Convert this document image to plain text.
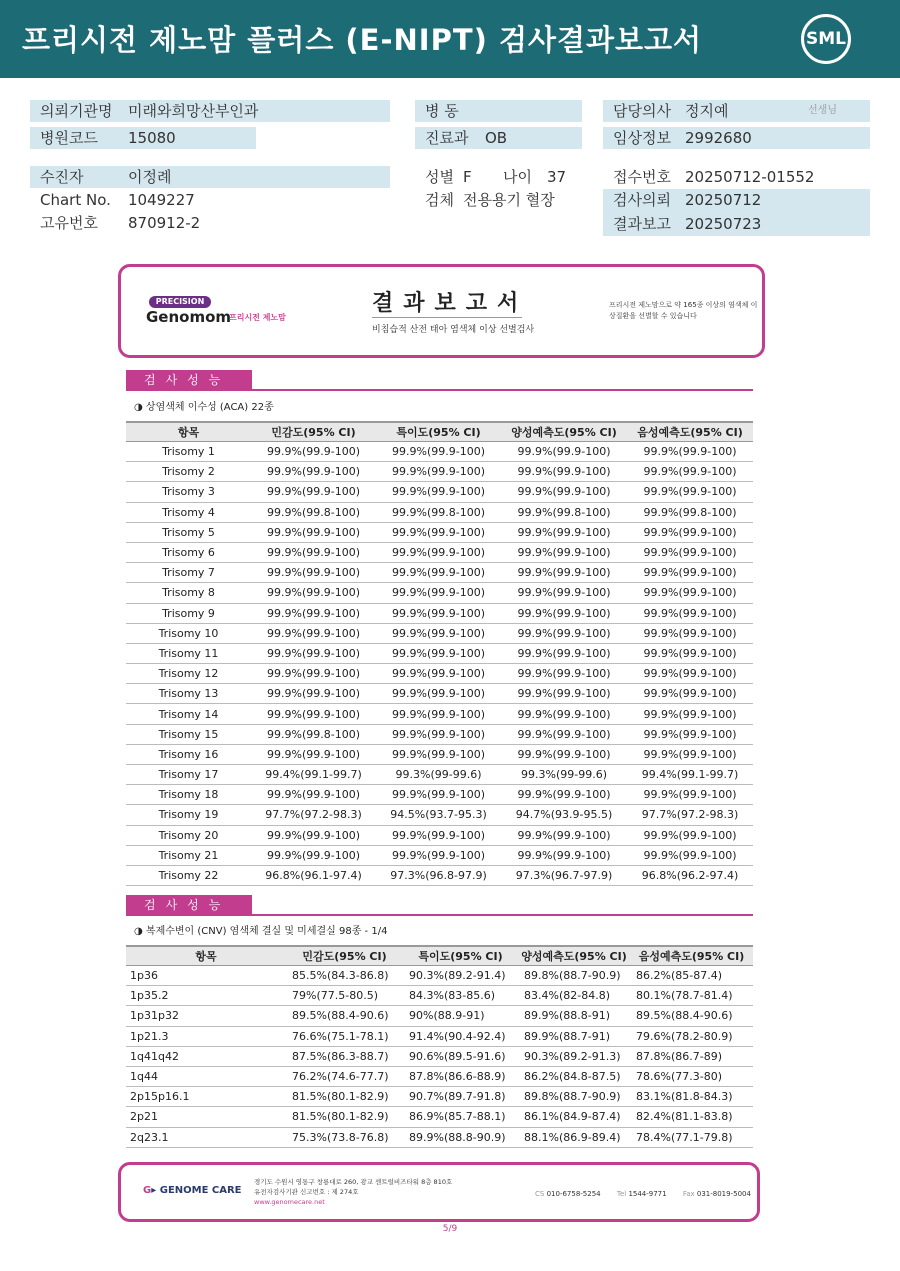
프리시전 제노맘 플러스 (E-NIPT) 검사결과보고서	SML
의뢰기관명 미래와희망산부인과
병원코드 15080
수진자	이정례
Chart No. 1049227
고유번호 870912-2
병 동
진료과 OB
성별 F 나이 37
검체 전용용기 혈장
담당의사 정지예	선생님
임상정보 2992680
접수번호 20250712-01552
검사의뢰 20250712
결과보고 20250723
PRECISION
Genomom
프리시전 제노맘
결과보고서
비침습적 산전 태아 염색체 이상 선별검사
프리시전 제노맘으로 약 165종 이상의 염색체 이상질환을 선별할 수 있습니다
검사성능
◑ 상염색체 이수성 (ACA) 22종
항목	민감도(95% CI)	특이도(95% CI)	양성예측도(95% CI)	음성예측도(95% CI)
Trisomy 1	99.9%(99.9-100)	99.9%(99.9-100)	99.9%(99.9-100)	99.9%(99.9-100)
Trisomy 2	99.9%(99.9-100)	99.9%(99.9-100)	99.9%(99.9-100)	99.9%(99.9-100)
Trisomy 3	99.9%(99.9-100)	99.9%(99.9-100)	99.9%(99.9-100)	99.9%(99.9-100)
Trisomy 4	99.9%(99.8-100)	99.9%(99.8-100)	99.9%(99.8-100)	99.9%(99.8-100)
Trisomy 5	99.9%(99.9-100)	99.9%(99.9-100)	99.9%(99.9-100)	99.9%(99.9-100)
Trisomy 6	99.9%(99.9-100)	99.9%(99.9-100)	99.9%(99.9-100)	99.9%(99.9-100)
Trisomy 7	99.9%(99.9-100)	99.9%(99.9-100)	99.9%(99.9-100)	99.9%(99.9-100)
Trisomy 8	99.9%(99.9-100)	99.9%(99.9-100)	99.9%(99.9-100)	99.9%(99.9-100)
Trisomy 9	99.9%(99.9-100)	99.9%(99.9-100)	99.9%(99.9-100)	99.9%(99.9-100)
Trisomy 10	99.9%(99.9-100)	99.9%(99.9-100)	99.9%(99.9-100)	99.9%(99.9-100)
Trisomy 11	99.9%(99.9-100)	99.9%(99.9-100)	99.9%(99.9-100)	99.9%(99.9-100)
Trisomy 12	99.9%(99.9-100)	99.9%(99.9-100)	99.9%(99.9-100)	99.9%(99.9-100)
Trisomy 13	99.9%(99.9-100)	99.9%(99.9-100)	99.9%(99.9-100)	99.9%(99.9-100)
Trisomy 14	99.9%(99.9-100)	99.9%(99.9-100)	99.9%(99.9-100)	99.9%(99.9-100)
Trisomy 15	99.9%(99.8-100)	99.9%(99.9-100)	99.9%(99.9-100)	99.9%(99.9-100)
Trisomy 16	99.9%(99.9-100)	99.9%(99.9-100)	99.9%(99.9-100)	99.9%(99.9-100)
Trisomy 17	99.4%(99.1-99.7)	99.3%(99-99.6)	99.3%(99-99.6)	99.4%(99.1-99.7)
Trisomy 18	99.9%(99.9-100)	99.9%(99.9-100)	99.9%(99.9-100)	99.9%(99.9-100)
Trisomy 19	97.7%(97.2-98.3)	94.5%(93.7-95.3)	94.7%(93.9-95.5)	97.7%(97.2-98.3)
Trisomy 20	99.9%(99.9-100)	99.9%(99.9-100)	99.9%(99.9-100)	99.9%(99.9-100)
Trisomy 21	99.9%(99.9-100)	99.9%(99.9-100)	99.9%(99.9-100)	99.9%(99.9-100)
Trisomy 22	96.8%(96.1-97.4)	97.3%(96.8-97.9)	97.3%(96.7-97.9)	96.8%(96.2-97.4)
검사성능
◑ 복제수변이 (CNV) 염색체 결실 및 미세결실 98종 - 1/4
항목	민감도(95% CI)	특이도(95% CI)	양성예측도(95% CI)	음성예측도(95% CI)
1p36	85.5%(84.3-86.8)	90.3%(89.2-91.4)	89.8%(88.7-90.9)	86.2%(85-87.4)
1p35.2	79%(77.5-80.5)	84.3%(83-85.6)	83.4%(82-84.8)	80.1%(78.7-81.4)
1p31p32	89.5%(88.4-90.6)	90%(88.9-91)	89.9%(88.8-91)	89.5%(88.4-90.6)
1p21.3	76.6%(75.1-78.1)	91.4%(90.4-92.4)	89.9%(88.7-91)	79.6%(78.2-80.9)
1q41q42	87.5%(86.3-88.7)	90.6%(89.5-91.6)	90.3%(89.2-91.3)	87.8%(86.7-89)
1q44	76.2%(74.6-77.7)	87.8%(86.6-88.9)	86.2%(84.8-87.5)	78.6%(77.3-80)
2p15p16.1	81.5%(80.1-82.9)	90.7%(89.7-91.8)	89.8%(88.7-90.9)	83.1%(81.8-84.3)
2p21	81.5%(80.1-82.9)	86.9%(85.7-88.1)	86.1%(84.9-87.4)	82.4%(81.1-83.8)
2q23.1	75.3%(73.8-76.8)	89.9%(88.8-90.9)	88.1%(86.9-89.4)	78.4%(77.1-79.8)
G▸ GENOME CARE
경기도 수원시 영통구 창룡대로 260, 광교 센트럴비즈타워 8층 810호
유전자검사기관 신고번호 : 제 274호
www.genomecare.net
CS 010-6758-5254 Tel 1544-9771 Fax 031-8019-5004
5/9
